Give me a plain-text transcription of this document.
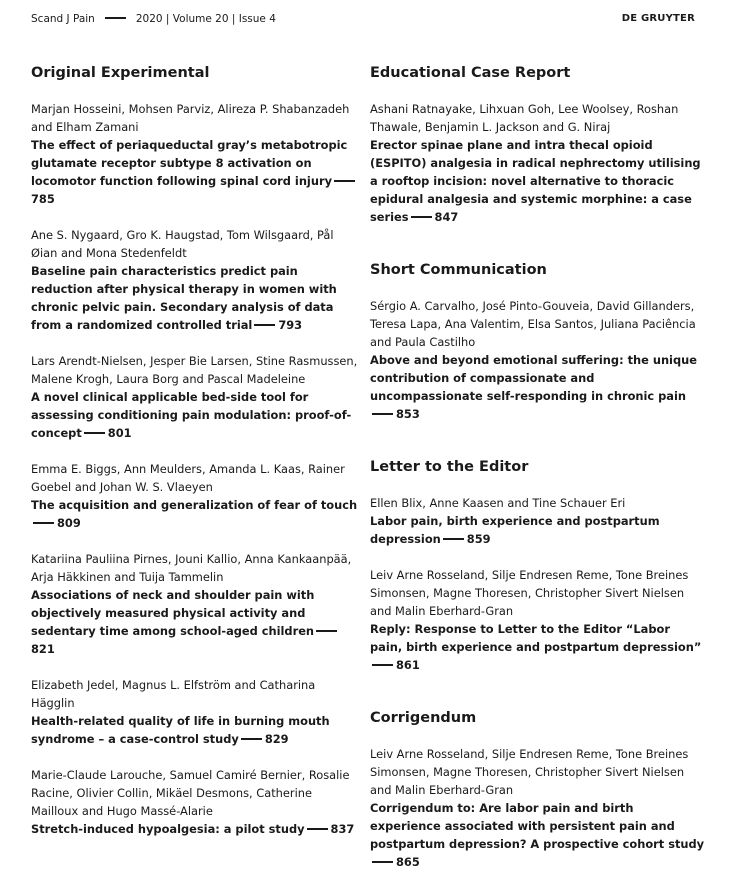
Scand J Pain	2020 | Volume 20 | Issue 4	DE GRUYTER
Original Experimental

Marjan Hosseini, Mohsen Parviz, Alireza P. Shabanzadeh and Elham Zamani

The effect of periaqueductal gray’s metabotropic glutamate receptor subtype 8 activation on locomotor function following spinal cord injury785

Ane S. Nygaard, Gro K. Haugstad, Tom Wilsgaard, Pål Øian and Mona Stedenfeldt

Baseline pain characteristics predict pain reduction after physical therapy in women with chronic pelvic pain. Secondary analysis of data from a randomized controlled trial 793

Lars Arendt-Nielsen, Jesper Bie Larsen, Stine Rasmussen, Malene Krogh, Laura Borg and Pascal Madeleine

A novel clinical applicable bed-side tool for assessing conditioning pain modulation: proof-of-concept 801

Emma E. Biggs, Ann Meulders, Amanda L. Kaas, Rainer Goebel and Johan W. S. Vlaeyen

The acquisition and generalization of fear of touch809

Katariina Pauliina Pirnes, Jouni Kallio, Anna Kankaanpää, Arja Häkkinen and Tuija Tammelin

Associations of neck and shoulder pain with objectively measured physical activity and sedentary time among school-aged children821

Elizabeth Jedel, Magnus L. Elfström and Catharina Hägglin

Health-related quality of life in burning mouth syndrome – a case-control study 829

Marie-Claude Larouche, Samuel Camiré Bernier, Rosalie Racine, Olivier Collin, Mikäel Desmons, Catherine Mailloux and Hugo Massé-Alarie

Stretch-induced hypoalgesia: a pilot study 837

Educational Case Report

Ashani Ratnayake, Lihxuan Goh, Lee Woolsey, Roshan Thawale, Benjamin L. Jackson and G. Niraj

Erector spinae plane and intra thecal opioid (ESPITO) analgesia in radical nephrectomy utilising a rooftop incision: novel alternative to thoracic epidural analgesia and systemic morphine: a case series 847

Short Communication

Sérgio A. Carvalho, José Pinto-Gouveia, David Gillanders, Teresa Lapa, Ana Valentim, Elsa Santos, Juliana Paciência and Paula Castilho

Above and beyond emotional suffering: the unique contribution of compassionate and uncompassionate self-responding in chronic pain853

Letter to the Editor

Ellen Blix, Anne Kaasen and Tine Schauer Eri

Labor pain, birth experience and postpartum depression 859

Leiv Arne Rosseland, Silje Endresen Reme, Tone Breines Simonsen, Magne Thoresen, Christopher Sivert Nielsen and Malin Eberhard-Gran

Reply: Response to Letter to the Editor “Labor pain, birth experience and postpartum depression”861

Corrigendum

Leiv Arne Rosseland, Silje Endresen Reme, Tone Breines Simonsen, Magne Thoresen, Christopher Sivert Nielsen and Malin Eberhard-Gran

Corrigendum to: Are labor pain and birth experience associated with persistent pain and postpartum depression? A prospective cohort study865
